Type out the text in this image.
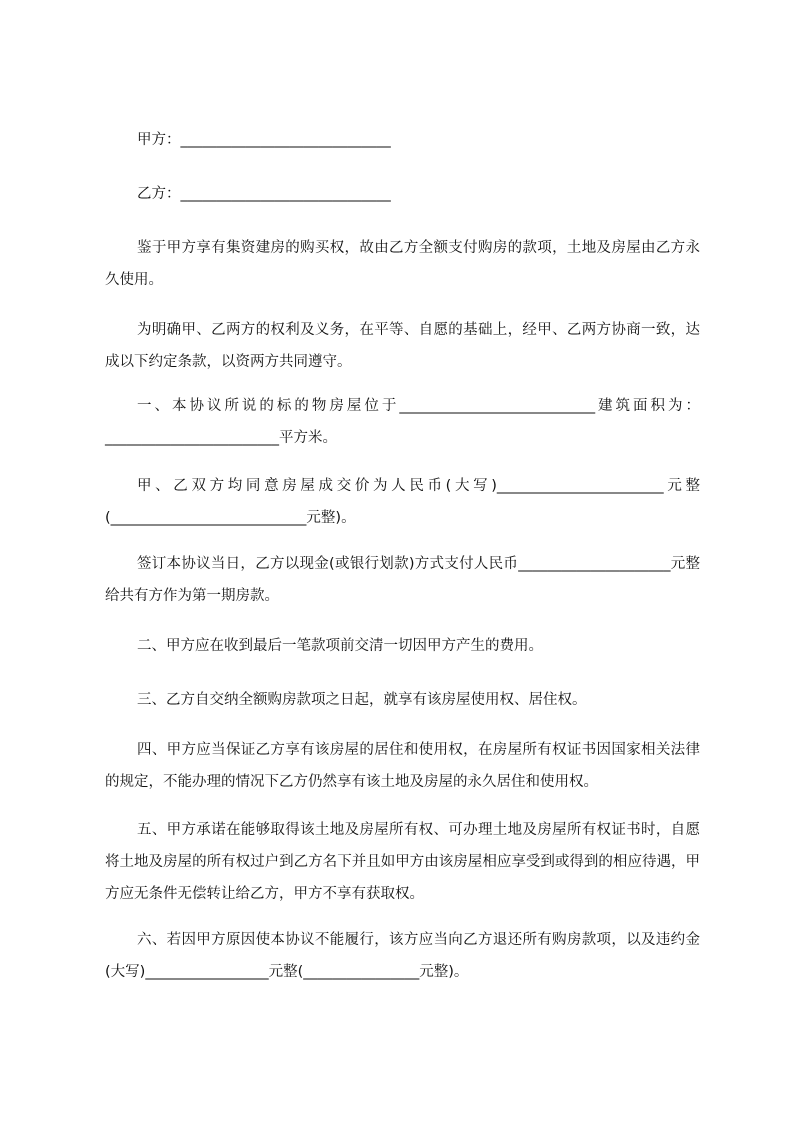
甲方：_____________________________
乙方：_____________________________
鉴于甲方享有集资建房的购买权，故由乙方全额支付购房的款项，土地及房屋由乙方永久使用。
为明确甲、乙两方的权利及义务，在平等、自愿的基础上，经甲、乙两方协商一致，达成以下约定条款，以资两方共同遵守。
一、本协议所说的标的物房屋位于___________________________建筑面积为：________________________平方米。
甲、乙双方均同意房屋成交价为人民币(大写)_______________________元整(___________________________元整)。
签订本协议当日，乙方以现金(或银行划款)方式支付人民币_____________________元整给共有方作为第一期房款。
二、甲方应在收到最后一笔款项前交清一切因甲方产生的费用。
三、乙方自交纳全额购房款项之日起，就享有该房屋使用权、居住权。
四、甲方应当保证乙方享有该房屋的居住和使用权，在房屋所有权证书因国家相关法律的规定，不能办理的情况下乙方仍然享有该土地及房屋的永久居住和使用权。
五、甲方承诺在能够取得该土地及房屋所有权、可办理土地及房屋所有权证书时，自愿将土地及房屋的所有权过户到乙方名下并且如甲方由该房屋相应享受到或得到的相应待遇，甲方应无条件无偿转让给乙方，甲方不享有获取权。
六、若因甲方原因使本协议不能履行，该方应当向乙方退还所有购房款项，以及违约金(大写)_________________元整(________________元整)。
